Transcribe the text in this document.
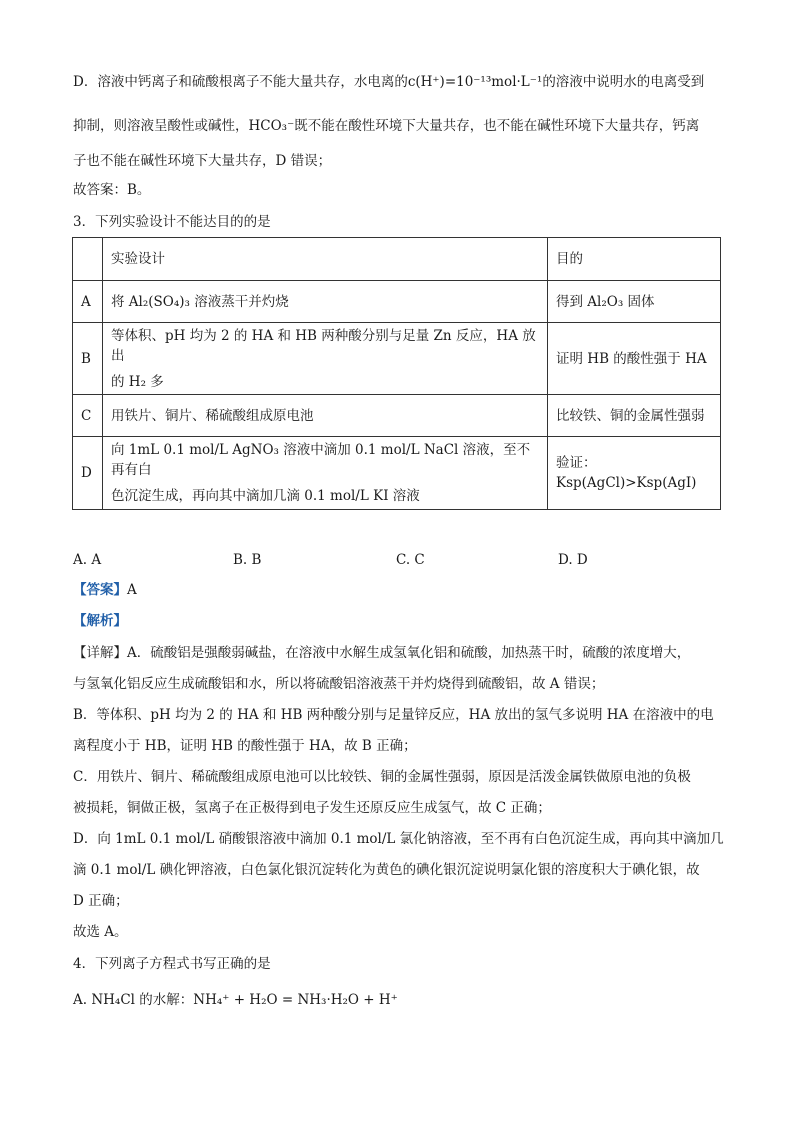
D．溶液中钙离子和硫酸根离子不能大量共存，水电离的c(H⁺)=10⁻¹³mol·L⁻¹的溶液中说明水的电离受到
抑制，则溶液呈酸性或碱性，HCO₃⁻既不能在酸性环境下大量共存，也不能在碱性环境下大量共存，钙离
子也不能在碱性环境下大量共存，D 错误；
故答案：B。
3．下列实验设计不能达目的的是
	实验设计	目的
A	将 Al₂(SO₄)₃ 溶液蒸干并灼烧	得到 Al₂O₃ 固体
B	等体积、pH 均为 2 的 HA 和 HB 两种酸分别与足量 Zn 反应，HA 放出
的 H₂ 多	证明 HB 的酸性强于 HA
C	用铁片、铜片、稀硫酸组成原电池	比较铁、铜的金属性强弱
D	向 1mL 0.1 mol/L AgNO₃ 溶液中滴加 0.1 mol/L NaCl 溶液，至不再有白
色沉淀生成，再向其中滴加几滴 0.1 mol/L KI 溶液	验证：Ksp(AgCl)>Ksp(AgI)
A. A	B. B	C. C	D. D
【答案】A
【解析】
【详解】A．硫酸铝是强酸弱碱盐，在溶液中水解生成氢氧化铝和硫酸，加热蒸干时，硫酸的浓度增大，
与氢氧化铝反应生成硫酸铝和水，所以将硫酸铝溶液蒸干并灼烧得到硫酸铝，故 A 错误；
B．等体积、pH 均为 2 的 HA 和 HB 两种酸分别与足量锌反应，HA 放出的氢气多说明 HA 在溶液中的电
离程度小于 HB，证明 HB 的酸性强于 HA，故 B 正确；
C．用铁片、铜片、稀硫酸组成原电池可以比较铁、铜的金属性强弱，原因是活泼金属铁做原电池的负极
被损耗，铜做正极，氢离子在正极得到电子发生还原反应生成氢气，故 C 正确；
D．向 1mL 0.1 mol/L 硝酸银溶液中滴加 0.1 mol/L 氯化钠溶液，至不再有白色沉淀生成，再向其中滴加几
滴 0.1 mol/L 碘化钾溶液，白色氯化银沉淀转化为黄色的碘化银沉淀说明氯化银的溶度积大于碘化银，故
D 正确；
故选 A。
4．下列离子方程式书写正确的是
A. NH₄Cl 的水解：NH₄⁺ + H₂O = NH₃·H₂O + H⁺
